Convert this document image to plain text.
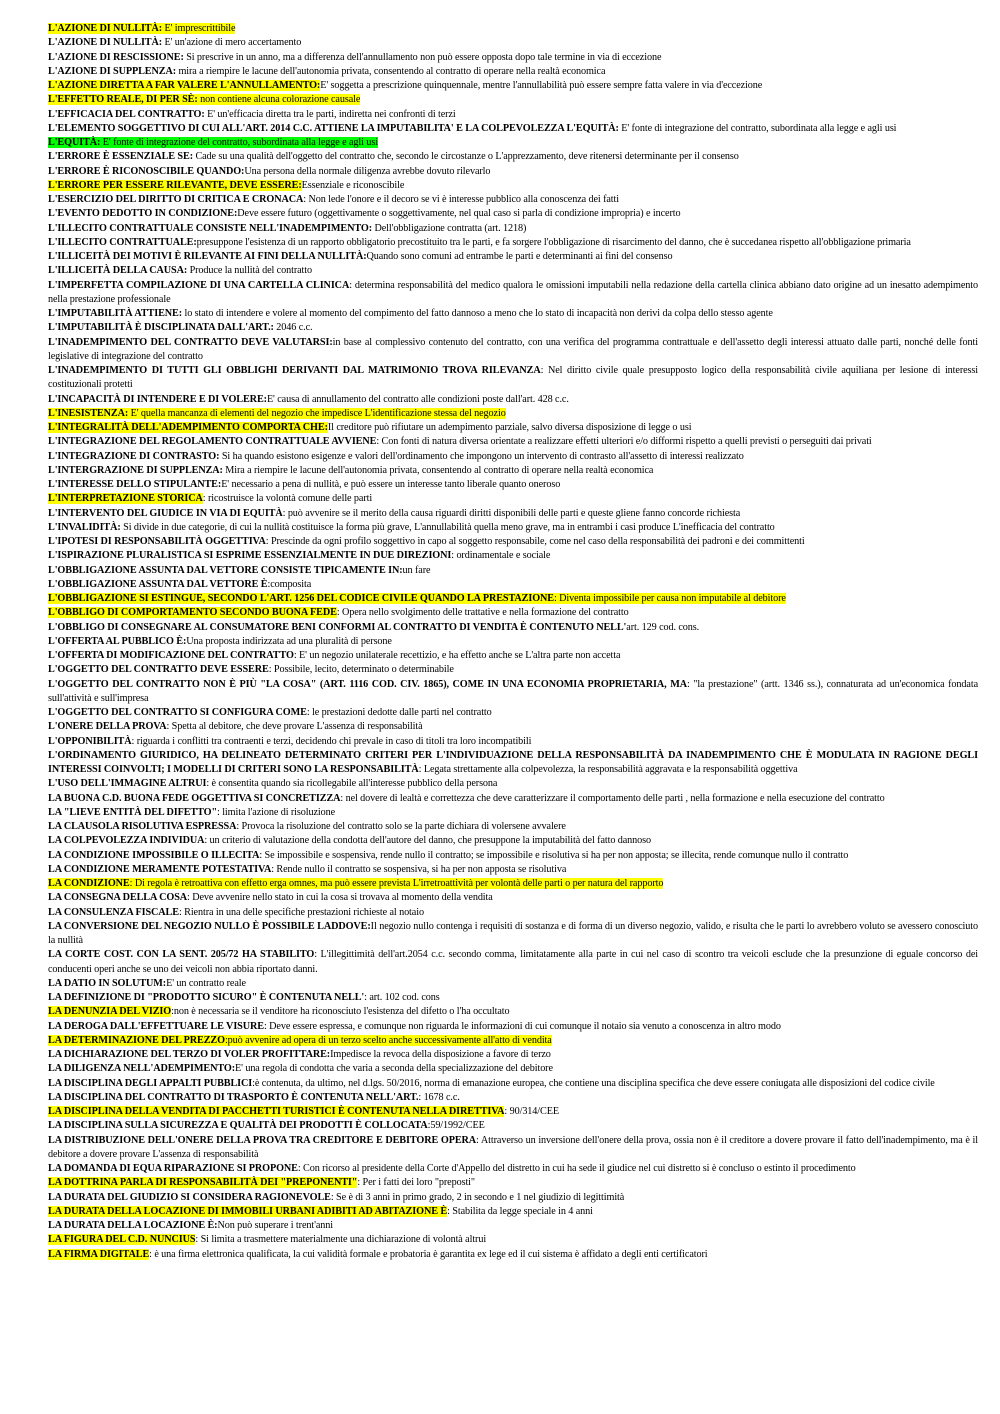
L'AZIONE DI NULLITÀ: E' imprescrittibile

L'AZIONE DI NULLITÀ: E' un'azione di mero accertamento

L'AZIONE DI RESCISSIONE: Si prescrive in un anno, ma a differenza dell'annullamento non può essere opposta dopo tale termine in via di eccezione

L'AZIONE DI SUPPLENZA: mira a riempire le lacune dell'autonomia privata, consentendo al contratto di operare nella realtà economica

L'AZIONE DIRETTA A FAR VALERE L'ANNULLAMENTO:E' soggetta a prescrizione quinquennale, mentre l'annullabilità può essere sempre fatta valere in via d'eccezione

L'EFFETTO REALE, DI PER SÈ: non contiene alcuna colorazione causale

L'EFFICACIA DEL CONTRATTO: E' un'efficacia diretta tra le parti, indiretta nei confronti di terzi

L'ELEMENTO SOGGETTIVO DI CUI ALL'ART. 2014 C.C. ATTIENE LA IMPUTABILITA' E LA COLPEVOLEZZA L'EQUITÀ: E' fonte di integrazione del contratto, subordinata alla legge e agli usi

L'EQUITÀ: E' fonte di integrazione del contratto, subordinata alla legge e agli usi

L'ERRORE È ESSENZIALE SE: Cade su una qualità dell'oggetto del contratto che, secondo le circostanze o L'apprezzamento, deve ritenersi determinante per il consenso

L'ERRORE È RICONOSCIBILE QUANDO:Una persona della normale diligenza avrebbe dovuto rilevarlo

L'ERRORE PER ESSERE RILEVANTE, DEVE ESSERE:Essenziale e riconoscibile

L'ESERCIZIO DEL DIRITTO DI CRITICA E CRONACA: Non lede l'onore e il decoro se vi è interesse pubblico alla conoscenza dei fatti

L'EVENTO DEDOTTO IN CONDIZIONE:Deve essere futuro (oggettivamente o soggettivamente, nel qual caso si parla di condizione impropria) e incerto

L'ILLECITO CONTRATTUALE CONSISTE NELL'INADEMPIMENTO: Dell'obbligazione contratta (art. 1218)

L'ILLECITO CONTRATTUALE:presuppone l'esistenza di un rapporto obbligatorio precostituito tra le parti, e fa sorgere l'obbligazione di risarcimento del danno, che è succedanea rispetto all'obbligazione primaria

L'ILLICEITÀ DEI MOTIVI È RILEVANTE AI FINI DELLA NULLITÀ:Quando sono comuni ad entrambe le parti e determinanti ai fini del consenso

L'ILLICEITÀ DELLA CAUSA: Produce la nullità del contratto

L'IMPERFETTA COMPILAZIONE DI UNA CARTELLA CLINICA: determina responsabilità del medico qualora le omissioni imputabili nella redazione della cartella clinica abbiano dato origine ad un inesatto adempimento nella prestazione professionale

L'IMPUTABILITÀ ATTIENE: lo stato di intendere e volere al momento del compimento del fatto dannoso a meno che lo stato di incapacità non derivi da colpa dello stesso agente

L'IMPUTABILITÀ È DISCIPLINATA DALL'ART.: 2046 c.c.

L'INADEMPIMENTO DEL CONTRATTO DEVE VALUTARSI:in base al complessivo contenuto del contratto, con una verifica del programma contrattuale e dell'assetto degli interessi attuato dalle parti, nonché delle fonti legislative di integrazione del contratto

L'INADEMPIMENTO DI TUTTI GLI OBBLIGHI DERIVANTI DAL MATRIMONIO TROVA RILEVANZA: Nel diritto civile quale presupposto logico della responsabilità civile aquiliana per lesione di interessi costituzionali protetti

L'INCAPACITÀ DI INTENDERE E DI VOLERE:E' causa di annullamento del contratto alle condizioni poste dall'art. 428 c.c.

L'INESISTENZA: E' quella mancanza di elementi del negozio che impedisce L'identificazione stessa del negozio

L'INTEGRALITÀ DELL'ADEMPIMENTO COMPORTA CHE:Il creditore può rifiutare un adempimento parziale, salvo diversa disposizione di legge o usi

L'INTEGRAZIONE DEL REGOLAMENTO CONTRATTUALE AVVIENE: Con fonti di natura diversa orientate a realizzare effetti ulteriori e/o difformi rispetto a quelli previsti o perseguiti dai privati

L'INTEGRAZIONE DI CONTRASTO: Si ha quando esistono esigenze e valori dell'ordinamento che impongono un intervento di contrasto all'assetto di interessi realizzato

L'INTERGRAZIONE DI SUPPLENZA: Mira a riempire le lacune dell'autonomia privata, consentendo al contratto di operare nella realtà economica

L'INTERESSE DELLO STIPULANTE:E' necessario a pena di nullità, e può essere un interesse tanto liberale quanto oneroso

L'INTERPRETAZIONE STORICA: ricostruisce la volontà comune delle parti

L'INTERVENTO DEL GIUDICE IN VIA DI EQUITÀ: può avvenire se il merito della causa riguardi diritti disponibili delle parti e queste gliene fanno concorde richiesta

L'INVALIDITÀ: Si divide in due categorie, di cui la nullità costituisce la forma più grave, L'annullabilità quella meno grave, ma in entrambi i casi produce L'inefficacia del contratto

L'IPOTESI DI RESPONSABILITÀ OGGETTIVA: Prescinde da ogni profilo soggettivo in capo al soggetto responsabile, come nel caso della responsabilità dei padroni e dei committenti

L'ISPIRAZIONE PLURALISTICA SI ESPRIME ESSENZIALMENTE IN DUE DIREZIONI: ordinamentale e sociale

L'OBBLIGAZIONE ASSUNTA DAL VETTORE CONSISTE TIPICAMENTE IN:un fare

L'OBBLIGAZIONE ASSUNTA DAL VETTORE È:composita

L'OBBLIGAZIONE SI ESTINGUE, SECONDO L'ART. 1256 DEL CODICE CIVILE QUANDO LA PRESTAZIONE: Diventa impossibile per causa non imputabile al debitore

L'OBBLIGO DI COMPORTAMENTO SECONDO BUONA FEDE: Opera nello svolgimento delle trattative e nella formazione del contratto

L'OBBLIGO DI CONSEGNARE AL CONSUMATORE BENI CONFORMI AL CONTRATTO DI VENDITA È CONTENUTO NELL'art. 129 cod. cons.

L'OFFERTA AL PUBBLICO È:Una proposta indirizzata ad una pluralità di persone

L'OFFERTA DI MODIFICAZIONE DEL CONTRATTO: E' un negozio unilaterale recettizio, e ha effetto anche se L'altra parte non accetta

L'OGGETTO DEL CONTRATTO DEVE ESSERE: Possibile, lecito, determinato o determinabile

L'OGGETTO DEL CONTRATTO NON È PIÙ "LA COSA" (ART. 1116 COD. CIV. 1865), COME IN UNA ECONOMIA PROPRIETARIA, MA: "la prestazione" (artt. 1346 ss.), connaturata ad un'economica fondata sull'attività e sull'impresa

L'OGGETTO DEL CONTRATTO SI CONFIGURA COME: le prestazioni dedotte dalle parti nel contratto

L'ONERE DELLA PROVA: Spetta al debitore, che deve provare L'assenza di responsabilità

L'OPPONIBILITÀ: riguarda i conflitti tra contraenti e terzi, decidendo chi prevale in caso di titoli tra loro incompatibili

L'ORDINAMENTO GIURIDICO, HA DELINEATO DETERMINATO CRITERI PER L'INDIVIDUAZIONE DELLA RESPONSABILITÀ DA INADEMPIMENTO CHE È MODULATA IN RAGIONE DEGLI INTERESSI COINVOLTI; I MODELLI DI CRITERI SONO LA RESPONSABILITÀ: Legata strettamente alla colpevolezza, la responsabilità aggravata e la responsabilità oggettiva

L'USO DELL'IMMAGINE ALTRUI: è consentita quando sia ricollegabile all'interesse pubblico della persona

LA BUONA C.D. BUONA FEDE OGGETTIVA SI CONCRETIZZA: nel dovere di lealtà e correttezza che deve caratterizzare il comportamento delle parti , nella formazione e nella esecuzione del contratto

LA "LIEVE ENTITÀ DEL DIFETTO": limita l'azione di risoluzione

LA CLAUSOLA RISOLUTIVA ESPRESSA: Provoca la risoluzione del contratto solo se la parte dichiara di volersene avvalere

LA COLPEVOLEZZA INDIVIDUA: un criterio di valutazione della condotta dell'autore del danno, che presuppone la imputabilità del fatto dannoso

LA CONDIZIONE IMPOSSIBILE O ILLECITA: Se impossibile e sospensiva, rende nullo il contratto; se impossibile e risolutiva si ha per non apposta; se illecita, rende comunque nullo il contratto

LA CONDIZIONE MERAMENTE POTESTATIVA: Rende nullo il contratto se sospensiva, si ha per non apposta se risolutiva

LA CONDIZIONE: Di regola è retroattiva con effetto erga omnes, ma può essere prevista L'irretroattività per volontà delle parti o per natura del rapporto

LA CONSEGNA DELLA COSA: Deve avvenire nello stato in cui la cosa si trovava al momento della vendita

LA CONSULENZA FISCALE: Rientra in una delle specifiche prestazioni richieste al notaio

LA CONVERSIONE DEL NEGOZIO NULLO È POSSIBILE LADDOVE:Il negozio nullo contenga i requisiti di sostanza e di forma di un diverso negozio, valido, e risulta che le parti lo avrebbero voluto se avessero conosciuto la nullità

LA CORTE COST. CON LA SENT. 205/72 HA STABILITO: L'illegittimità dell'art.2054 c.c. secondo comma, limitatamente alla parte in cui nel caso di scontro tra veicoli esclude che la presunzione di eguale concorso dei conducenti operi anche se uno dei veicoli non abbia riportato danni.

LA DATIO IN SOLUTUM:E' un contratto reale

LA DEFINIZIONE DI "PRODOTTO SICURO" È CONTENUTA NELL': art. 102 cod. cons

LA DENUNZIA DEL VIZIO:non è necessaria se il venditore ha riconosciuto l'esistenza del difetto o l'ha occultato

LA DEROGA DALL'EFFETTUARE LE VISURE: Deve essere espressa, e comunque non riguarda le informazioni di cui comunque il notaio sia venuto a conoscenza in altro modo

LA DETERMINAZIONE DEL PREZZO:può avvenire ad opera di un terzo scelto anche successivamente all'atto di vendita

LA DICHIARAZIONE DEL TERZO DI VOLER PROFITTARE:Impedisce la revoca della disposizione a favore di terzo

LA DILIGENZA NELL'ADEMPIMENTO:E' una regola di condotta che varia a seconda della specializzazione del debitore

LA DISCIPLINA DEGLI APPALTI PUBBLICI:è contenuta, da ultimo, nel d.lgs. 50/2016, norma di emanazione europea, che contiene una disciplina specifica che deve essere coniugata alle disposizioni del codice civile

LA DISCIPLINA DEL CONTRATTO DI TRASPORTO È CONTENUTA NELL'ART.: 1678 c.c.

LA DISCIPLINA DELLA VENDITA DI PACCHETTI TURISTICI È CONTENUTA NELLA DIRETTIVA: 90/314/CEE

LA DISCIPLINA SULLA SICUREZZA E QUALITÀ DEI PRODOTTI È COLLOCATA:59/1992/CEE

LA DISTRIBUZIONE DELL'ONERE DELLA PROVA TRA CREDITORE E DEBITORE OPERA: Attraverso un inversione dell'onere della prova, ossia non è il creditore a dovere provare il fatto dell'inadempimento, ma è il debitore a dovere provare L'assenza di responsabilità

LA DOMANDA DI EQUA RIPARAZIONE SI PROPONE: Con ricorso al presidente della Corte d'Appello del distretto in cui ha sede il giudice nel cui distretto si è concluso o estinto il procedimento

LA DOTTRINA PARLA DI RESPONSABILITÀ DEI "PREPONENTI": Per i fatti dei loro "preposti"

LA DURATA DEL GIUDIZIO SI CONSIDERA RAGIONEVOLE: Se è di 3 anni in primo grado, 2 in secondo e 1 nel giudizio di legittimità

LA DURATA DELLA LOCAZIONE DI IMMOBILI URBANI ADIBITI AD ABITAZIONE È: Stabilita da legge speciale in 4 anni

LA DURATA DELLA LOCAZIONE È:Non può superare i trent'anni

LA FIGURA DEL C.D. NUNCIUS: Si limita a trasmettere materialmente una dichiarazione di volontà altrui

LA FIRMA DIGITALE: è una firma elettronica qualificata, la cui validità formale e probatoria è garantita ex lege ed il cui sistema è affidato a degli enti certificatori
